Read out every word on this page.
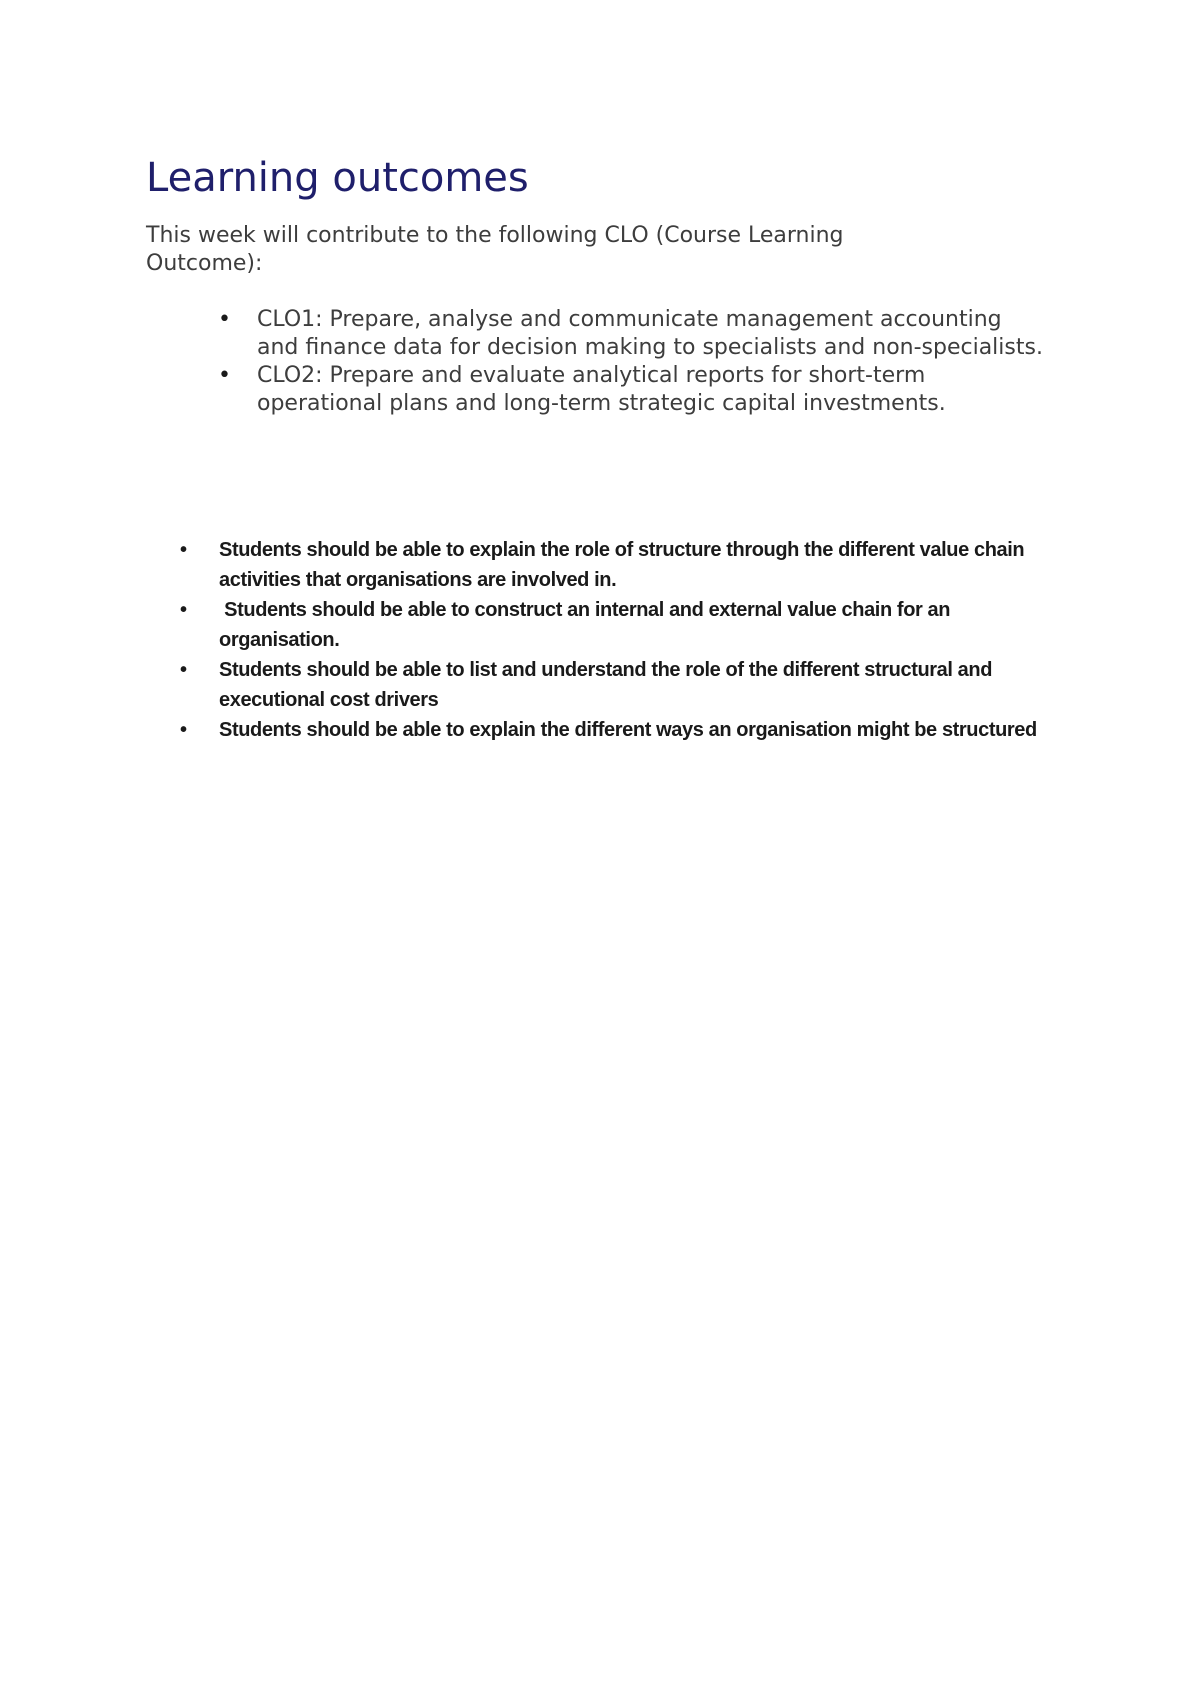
Learning outcomes

This week will contribute to the following CLO (Course Learning Outcome):

•	CLO1: Prepare, analyse and communicate management accounting and finance data for decision making to specialists and non-specialists.
•	CLO2: Prepare and evaluate analytical reports for short-term operational plans and long-term strategic capital investments.
•	Students should be able to explain the role of structure through the different value chain activities that organisations are involved in.
•	Students should be able to construct an internal and external value chain for an organisation.
•	Students should be able to list and understand the role of the different structural and executional cost drivers
•	Students should be able to explain the different ways an organisation might be structured
